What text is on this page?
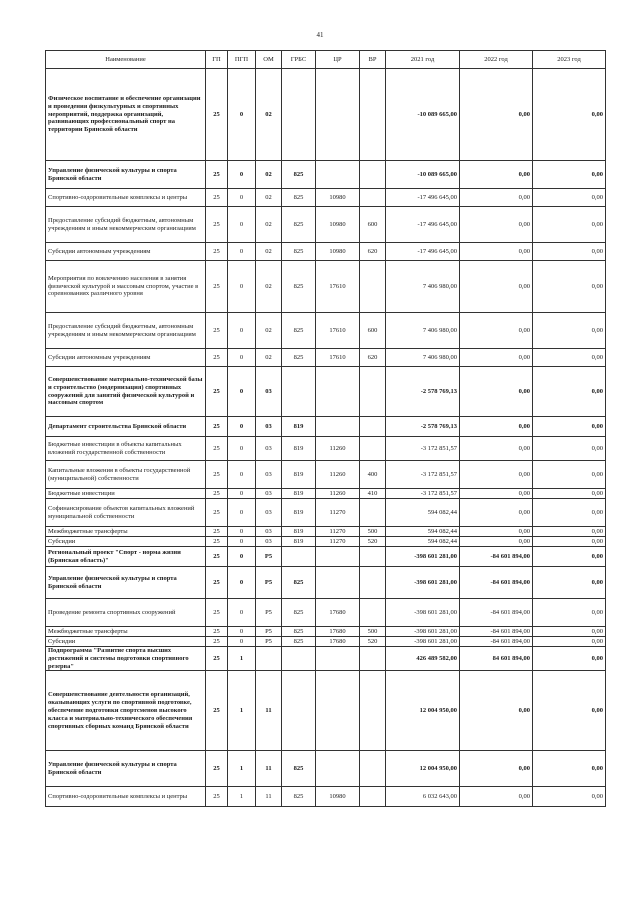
41
Наименование	ГП	ПГП	ОМ	ГРБС	ЦР	ВР	2021 год	2022 год	2023 год
Физическое воспитание и обеспечение организации и проведения физкультурных и спортивных мероприятий, поддержка организаций, развивающих профессиональный спорт на территории Брянской области	25	0	02				-10 089 665,00	0,00	0,00
Управление физической культуры и спорта Брянской области	25	0	02	825			-10 089 665,00	0,00	0,00
Спортивно-оздоровительные комплексы и центры	25	0	02	825	10980		-17 496 645,00	0,00	0,00
Предоставление субсидий бюджетным, автономным учреждениям и иным некоммерческим организациям	25	0	02	825	10980	600	-17 496 645,00	0,00	0,00
Субсидии автономным учреждениям	25	0	02	825	10980	620	-17 496 645,00	0,00	0,00
Мероприятия по вовлечению населения в занятия физической культурой и массовым спортом, участие в соревнованиях различного уровня	25	0	02	825	17610		7 406 980,00	0,00	0,00
Предоставление субсидий бюджетным, автономным учреждениям и иным некоммерческим организациям	25	0	02	825	17610	600	7 406 980,00	0,00	0,00
Субсидии автономным учреждениям	25	0	02	825	17610	620	7 406 980,00	0,00	0,00
Совершенствование материально-технической базы и строительство (модернизация) спортивных сооружений для занятий физической культурой и массовым спортом	25	0	03				-2 578 769,13	0,00	0,00
Департамент строительства Брянской области	25	0	03	819			-2 578 769,13	0,00	0,00
Бюджетные инвестиции в объекты капитальных вложений государственной собственности	25	0	03	819	11260		-3 172 851,57	0,00	0,00
Капитальные вложения в объекты государственной (муниципальной) собственности	25	0	03	819	11260	400	-3 172 851,57	0,00	0,00
Бюджетные инвестиции	25	0	03	819	11260	410	-3 172 851,57	0,00	0,00
Софинансирование объектов капитальных вложений муниципальной собственности	25	0	03	819	11270		594 082,44	0,00	0,00
Межбюджетные трансферты	25	0	03	819	11270	500	594 082,44	0,00	0,00
Субсидии	25	0	03	819	11270	520	594 082,44	0,00	0,00
Региональный проект "Спорт - норма жизни (Брянская область)"	25	0	P5				-398 601 281,00	-84 601 894,00	0,00
Управление физической культуры и спорта Брянской области	25	0	P5	825			-398 601 281,00	-84 601 894,00	0,00
Проведение ремонта спортивных сооружений	25	0	P5	825	17680		-398 601 281,00	-84 601 894,00	0,00
Межбюджетные трансферты	25	0	P5	825	17680	500	-398 601 281,00	-84 601 894,00	0,00
Субсидии	25	0	P5	825	17680	520	-398 601 281,00	-84 601 894,00	0,00
Подпрограмма "Развитие спорта высших достижений и системы подготовки спортивного резерва"	25	1					426 489 582,00	84 601 894,00	0,00
Совершенствование деятельности организаций, оказывающих услуги по спортивной подготовке, обеспечение подготовки спортсменов высокого класса и материально-технического обеспечения спортивных сборных команд Брянской области	25	1	11				12 004 950,00	0,00	0,00
Управление физической культуры и спорта Брянской области	25	1	11	825			12 004 950,00	0,00	0,00
Спортивно-оздоровительные комплексы и центры	25	1	11	825	10980		6 032 643,00	0,00	0,00
